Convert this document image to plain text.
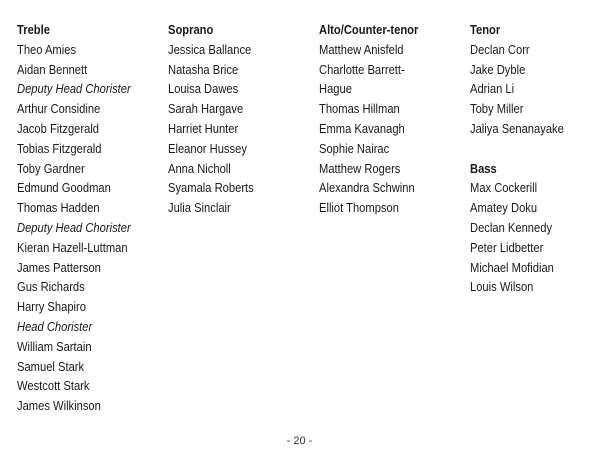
Treble
Theo Amies
Aidan Bennett
Deputy Head Chorister
Arthur Considine
Jacob Fitzgerald
Tobias Fitzgerald
Toby Gardner
Edmund Goodman
Thomas Hadden
Deputy Head Chorister
Kieran Hazell-Luttman
James Patterson
Gus Richards
Harry Shapiro
Head Chorister
William Sartain
Samuel Stark
Westcott Stark
James Wilkinson
Soprano
Jessica Ballance
Natasha Brice
Louisa Dawes
Sarah Hargave
Harriet Hunter
Eleanor Hussey
Anna Nicholl
Syamala Roberts
Julia Sinclair
Alto/Counter-tenor
Matthew Anisfeld
Charlotte Barrett-
Hague
Thomas Hillman
Emma Kavanagh
Sophie Nairac
Matthew Rogers
Alexandra Schwinn
Elliot Thompson
Tenor
Declan Corr
Jake Dyble
Adrian Li
Toby Miller
Jaliya Senanayake
Bass
Max Cockerill
Amatey Doku
Declan Kennedy
Peter Lidbetter
Michael Mofidian
Louis Wilson
- 20 -
